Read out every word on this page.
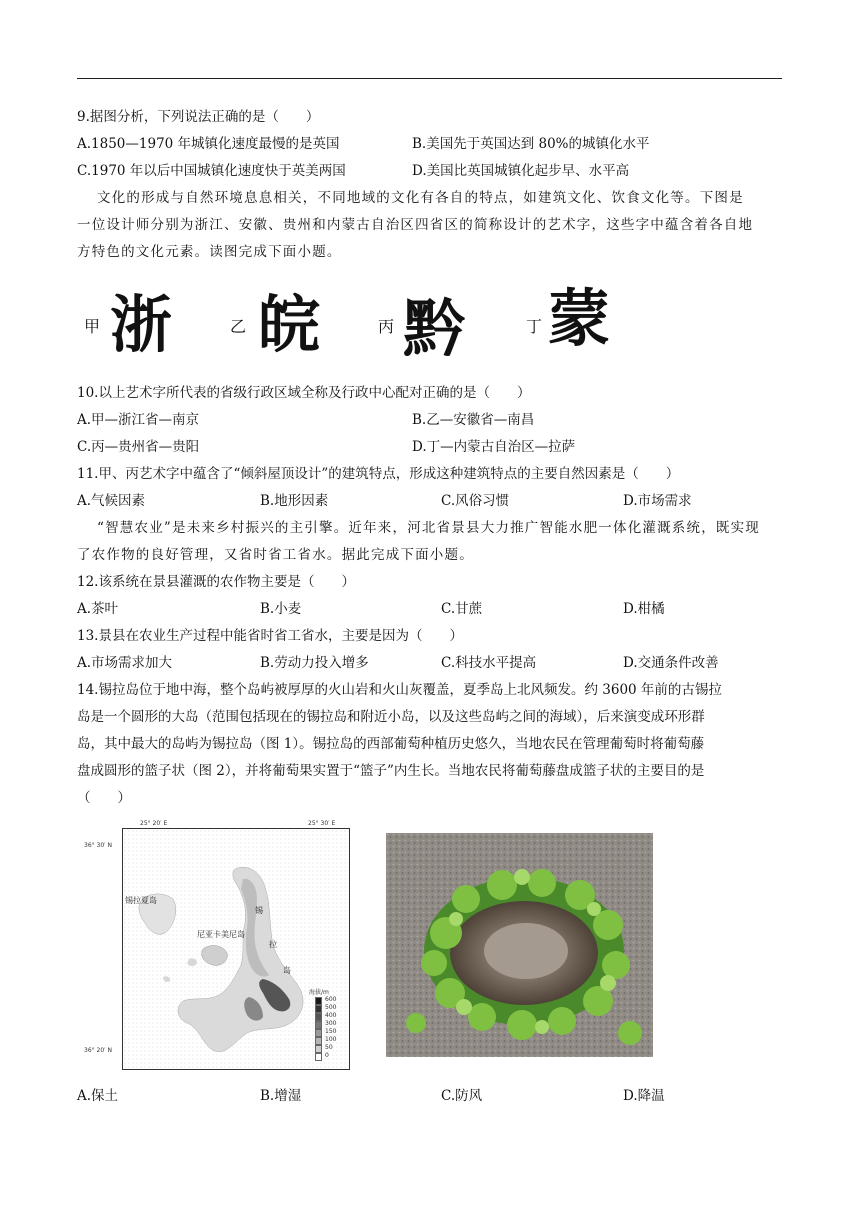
9.据图分析，下列说法正确的是（　　）
A.1850—1970 年城镇化速度最慢的是英国	B.美国先于英国达到 80%的城镇化水平
C.1970 年以后中国城镇化速度快于英美两国	D.美国比英国城镇化起步早、水平高
文化的形成与自然环境息息相关，不同地域的文化有各自的特点，如建筑文化、饮食文化等。下图是
一位设计师分别为浙江、安徽、贵州和内蒙古自治区四省区的简称设计的艺术字，这些字中蕴含着各自地
方特色的文化元素。读图完成下面小题。
甲 浙	乙 皖	丙 黔	丁 蒙
10.以上艺术字所代表的省级行政区域全称及行政中心配对正确的是（　　）
A.甲—浙江省—南京	B.乙—安徽省—南昌
C.丙—贵州省—贵阳	D.丁—内蒙古自治区—拉萨
11.甲、丙艺术字中蕴含了“倾斜屋顶设计”的建筑特点，形成这种建筑特点的主要自然因素是（　　）
A.气候因素	B.地形因素	C.风俗习惯	D.市场需求
“智慧农业”是未来乡村振兴的主引擎。近年来，河北省景县大力推广智能水肥一体化灌溉系统，既实现
了农作物的良好管理，又省时省工省水。据此完成下面小题。
12.该系统在景县灌溉的农作物主要是（　　）
A.茶叶	B.小麦	C.甘蔗	D.柑橘
13.景县在农业生产过程中能省时省工省水，主要是因为（　　）
A.市场需求加大	B.劳动力投入增多	C.科技水平提高	D.交通条件改善
14.锡拉岛位于地中海，整个岛屿被厚厚的火山岩和火山灰覆盖，夏季岛上北风频发。约 3600 年前的古锡拉
岛是一个圆形的大岛（范围包括现在的锡拉岛和附近小岛，以及这些岛屿之间的海域），后来演变成环形群
岛，其中最大的岛屿为锡拉岛（图 1）。锡拉岛的西部葡萄种植历史悠久，当地农民在管理葡萄时将葡萄藤
盘成圆形的篮子状（图 2），并将葡萄果实置于“篮子”内生长。当地农民将葡萄藤盘成篮子状的主要目的是
（　　）
25° 20′ E	25° 30′ E
36° 30′ N
36° 20′ N
锡拉夏岛
尼亚卡美尼岛
锡
拉
岛
海拔/m
600
500
400
300
150
100
50
0
A.保土	B.增湿	C.防风	D.降温
